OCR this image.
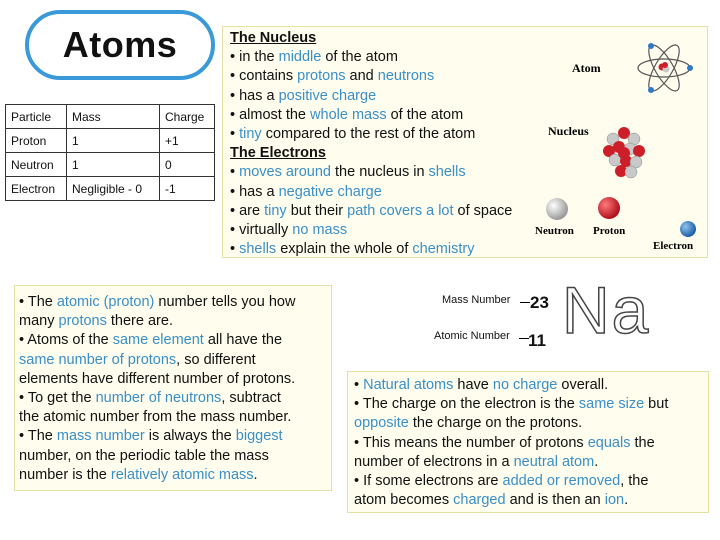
Atoms
Particle	Mass	Charge
Proton	1	+1
Neutron	1	0
Electron	Negligible - 0	-1
The Nucleus
• in the middle of the atom
• contains protons and neutrons
• has a positive charge
• almost the whole mass of the atom
• tiny compared to the rest of the atom
The Electrons
• moves around the nucleus in shells
• has a negative charge
• are tiny but their path covers a lot of space
• virtually no mass
• shells explain the whole of chemistry
Atom
Nucleus
Neutron Proton
Electron
• The atomic (proton) number tells you how
many protons there are.
• Atoms of the same element all have the
same number of protons, so different
elements have different number of protons.
• To get the number of neutrons, subtract
the atomic number from the mass number.
• The mass number is always the biggest
number, on the periodic table the mass
number is the relatively atomic mass.
Mass Number 23
Atomic Number 11 Na
• Natural atoms have no charge overall.
• The charge on the electron is the same size but
opposite the charge on the protons.
• This means the number of protons equals the
number of electrons in a neutral atom.
• If some electrons are added or removed, the
atom becomes charged and is then an ion.
